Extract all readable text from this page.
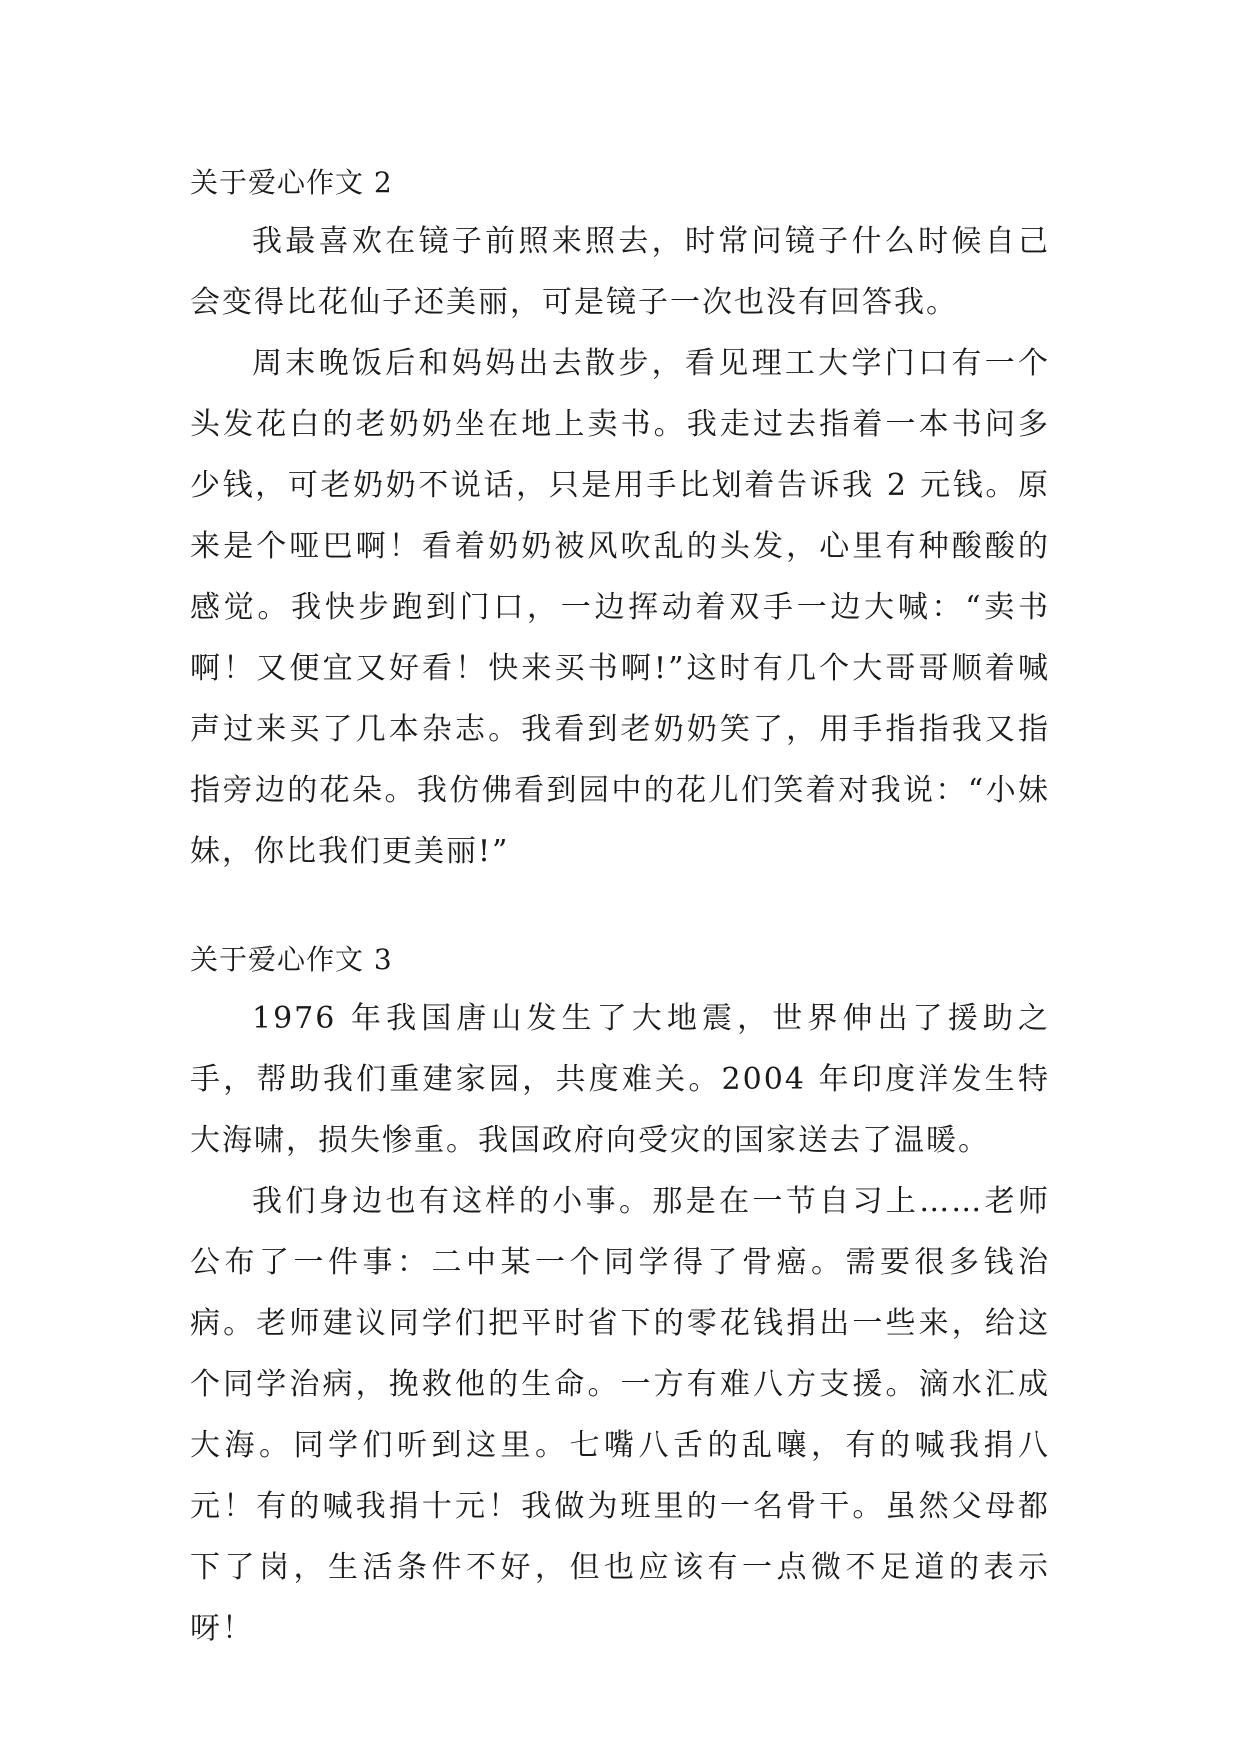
关于爱心作文 2

我最喜欢在镜子前照来照去，时常问镜子什么时候自己会变得比花仙子还美丽，可是镜子一次也没有回答我。

周末晚饭后和妈妈出去散步，看见理工大学门口有一个头发花白的老奶奶坐在地上卖书。我走过去指着一本书问多少钱，可老奶奶不说话，只是用手比划着告诉我 2 元钱。原来是个哑巴啊！看着奶奶被风吹乱的头发，心里有种酸酸的感觉。我快步跑到门口，一边挥动着双手一边大喊：“卖书啊！又便宜又好看！快来买书啊!”这时有几个大哥哥顺着喊声过来买了几本杂志。我看到老奶奶笑了，用手指指我又指指旁边的花朵。我仿佛看到园中的花儿们笑着对我说：“小妹妹，你比我们更美丽!”

关于爱心作文 3

1976 年我国唐山发生了大地震，世界伸出了援助之手，帮助我们重建家园，共度难关。2004 年印度洋发生特大海啸，损失惨重。我国政府向受灾的国家送去了温暖。

我们身边也有这样的小事。那是在一节自习上……老师公布了一件事：二中某一个同学得了骨癌。需要很多钱治病。老师建议同学们把平时省下的零花钱捐出一些来，给这个同学治病，挽救他的生命。一方有难八方支援。滴水汇成大海。同学们听到这里。七嘴八舌的乱嚷，有的喊我捐八元！有的喊我捐十元！我做为班里的一名骨干。虽然父母都下了岗，生活条件不好，但也应该有一点微不足道的表示呀！
